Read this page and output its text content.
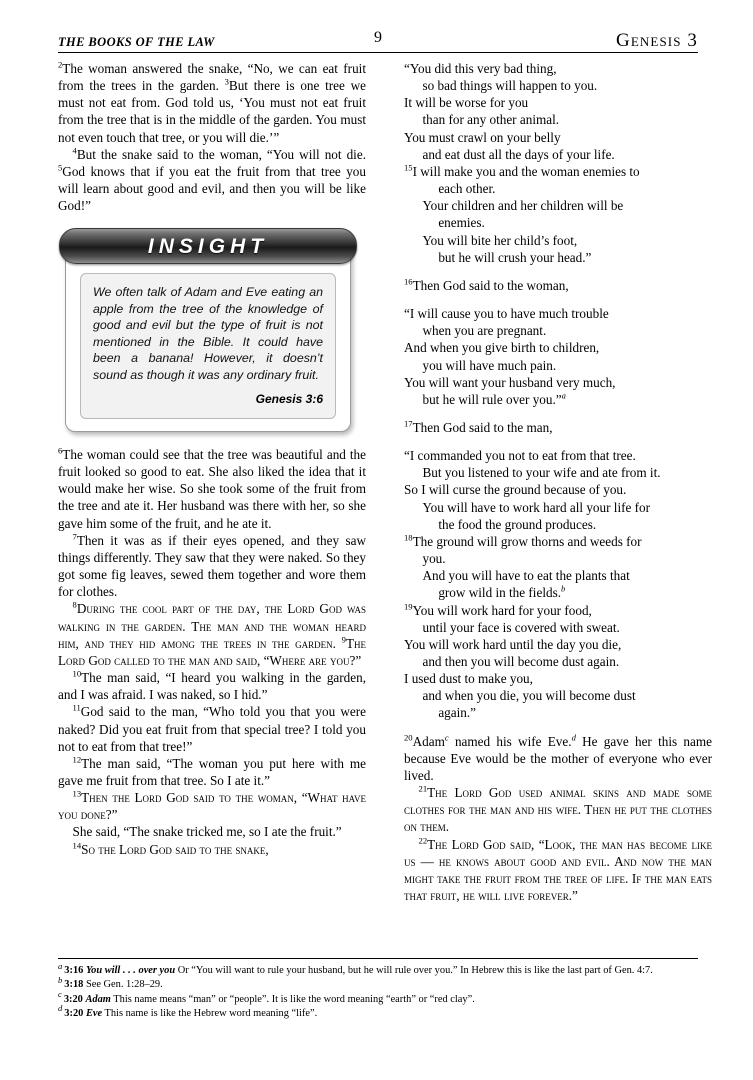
THE BOOKS OF THE LAW	9	Genesis 3

$^2$The woman answered the snake, “No, we can eat fruit from the trees in the garden. $^3$But there is one tree we must not eat from. God told us, ‘You must not eat fruit from the tree that is in the middle of the garden. You must not even touch that tree, or you will die.’”

$^4$But the snake said to the woman, “You will not die. $^5$God knows that if you eat the fruit from that tree you will learn about good and evil, and then you will be like God!”

INSIGHT

We often talk of Adam and Eve eating an apple from the tree of the knowledge of good and evil but the type of fruit is not mentioned in the Bible. It could have been a banana! However, it doesn’t sound as though it was any ordinary fruit.

Genesis 3:6

$^6$The woman could see that the tree was beautiful and the fruit looked so good to eat. She also liked the idea that it would make her wise. So she took some of the fruit from the tree and ate it. Her husband was there with her, so she gave him some of the fruit, and he ate it.

$^7$Then it was as if their eyes opened, and they saw things differently. They saw that they were naked. So they got some fig leaves, sewed them together and wore them for clothes.

$^8$During the cool part of the day, the Lord God was walking in the garden. The man and the woman heard him, and they hid among the trees in the garden. $^9$The Lord God called to the man and said, “Where are you?”

$^{10}$The man said, “I heard you walking in the garden, and I was afraid. I was naked, so I hid.”

$^{11}$God said to the man, “Who told you that you were naked? Did you eat fruit from that special tree? I told you not to eat from that tree!”

$^{12}$The man said, “The woman you put here with me gave me fruit from that tree. So I ate it.”

$^{13}$Then the Lord God said to the woman, “What have you done?”

She said, “The snake tricked me, so I ate the fruit.”

$^{14}$So the Lord God said to the snake,

“You did this very bad thing,
so bad things will happen to you.
It will be worse for you
than for any other animal.
You must crawl on your belly
and eat dust all the days of your life.
$^{15}$I will make you and the woman enemies to
each other.
Your children and her children will be
enemies.
You will bite her child’s foot,
but he will crush your head.”

$^{16}$Then God said to the woman,

“I will cause you to have much trouble
when you are pregnant.
And when you give birth to children,
you will have much pain.
You will want your husband very much,
but he will rule over you.”$^a$

$^{17}$Then God said to the man,

“I commanded you not to eat from that tree.
But you listened to your wife and ate from it.
So I will curse the ground because of you.
You will have to work hard all your life for
the food the ground produces.
$^{18}$The ground will grow thorns and weeds for
you.
And you will have to eat the plants that
grow wild in the fields.$^b$
$^{19}$You will work hard for your food,
until your face is covered with sweat.
You will work hard until the day you die,
and then you will become dust again.
I used dust to make you,
and when you die, you will become dust
again.”

$^{20}$Adam$^c$ named his wife Eve.$^d$ He gave her this name because Eve would be the mother of everyone who ever lived.

$^{21}$The Lord God used animal skins and made some clothes for the man and his wife. Then he put the clothes on them.

$^{22}$The Lord God said, “Look, the man has become like us — he knows about good and evil. And now the man might take the fruit from the tree of life. If the man eats that fruit, he will live forever.”

$^a$ 3:16 You will . . . over you Or “You will want to rule your husband, but he will rule over you.” In Hebrew this is like the last part of Gen. 4:7.

$^b$ 3:18 See Gen. 1:28–29.

$^c$ 3:20 Adam This name means “man” or “people”. It is like the word meaning “earth” or “red clay”.

$^d$ 3:20 Eve This name is like the Hebrew word meaning “life”.
